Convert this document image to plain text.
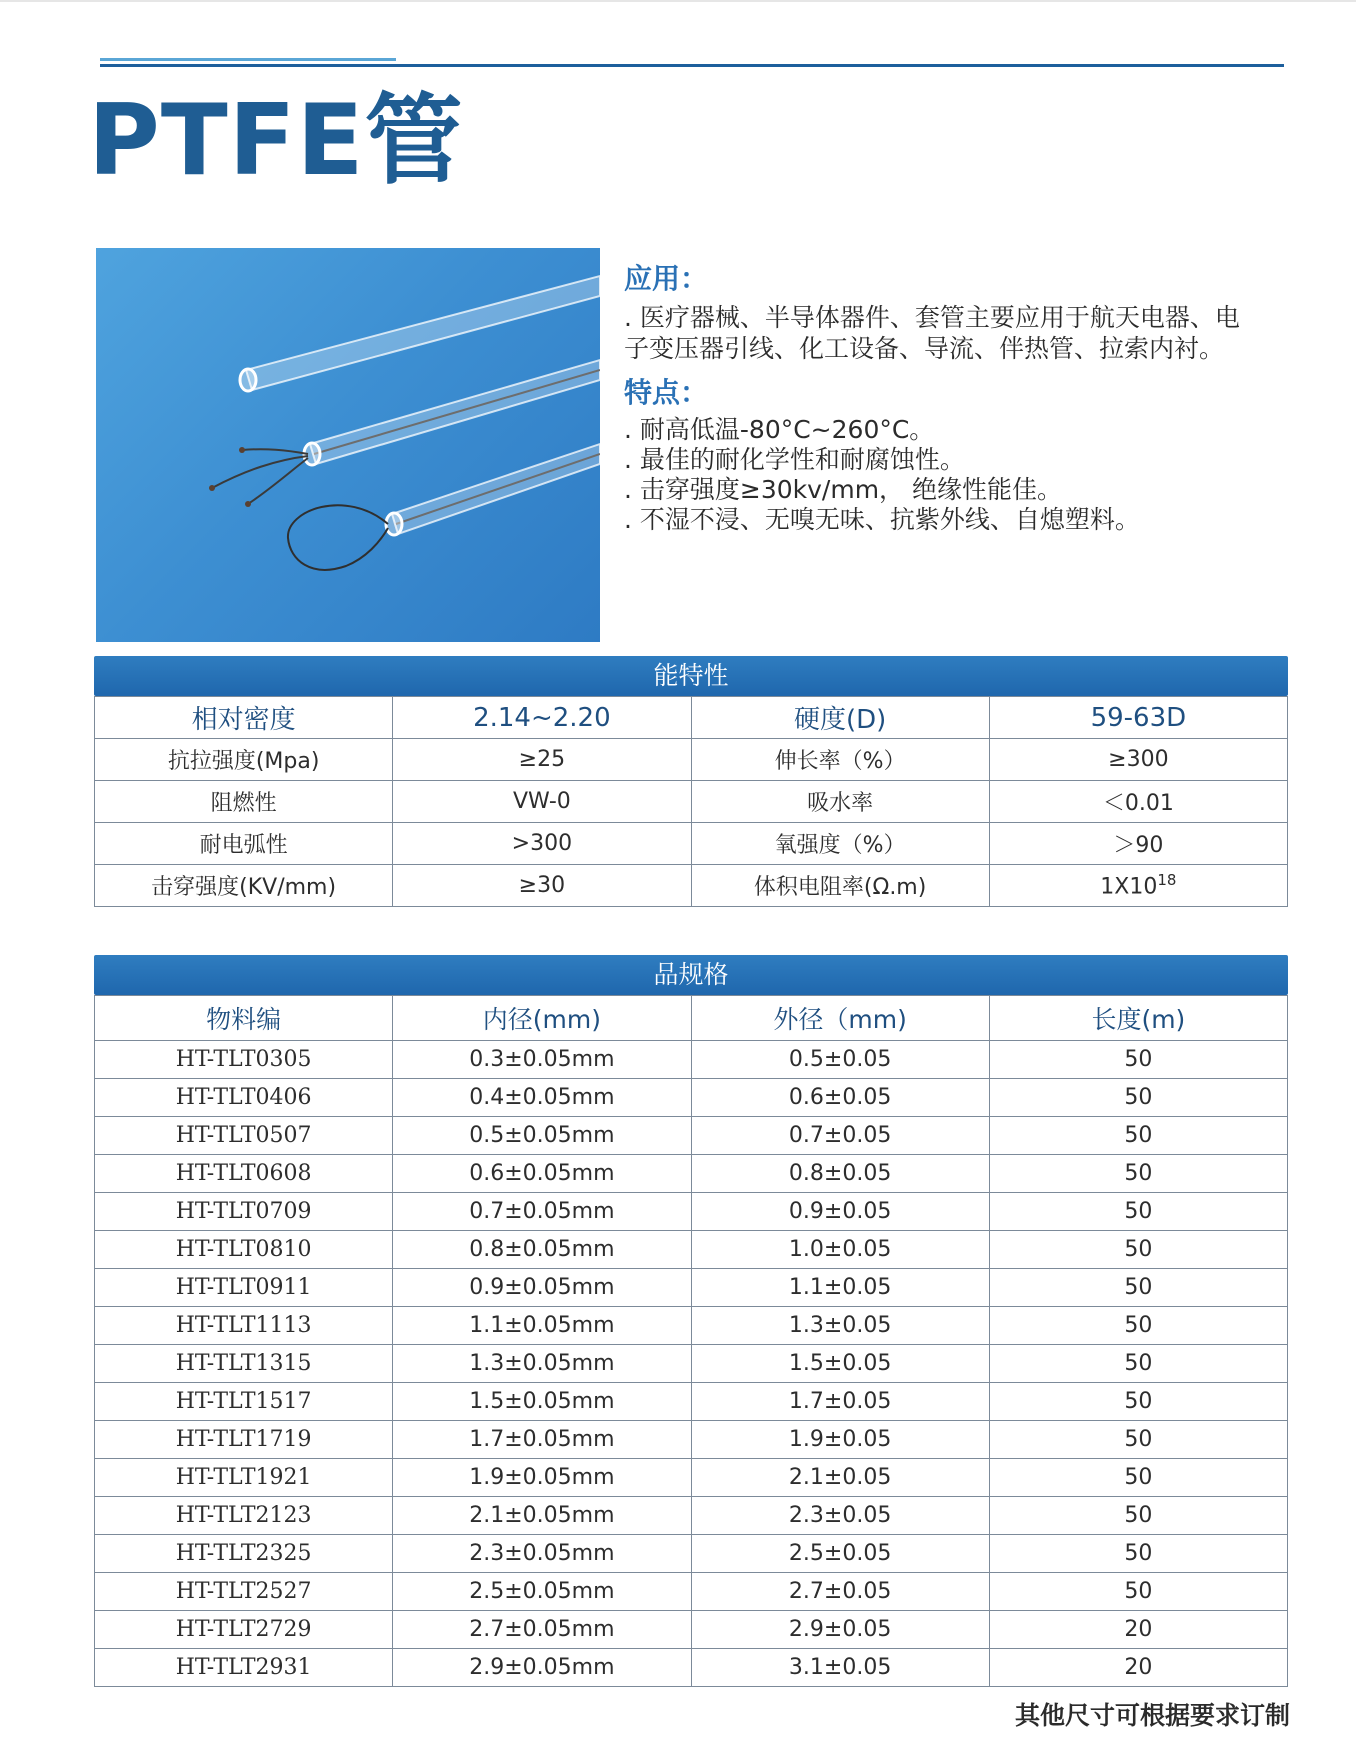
PTFE管
应用：

. 医疗器械、半导体器件、套管主要应用于航天电器、电

子变压器引线、化工设备、导流、伴热管、拉索内衬。

特点：

. 耐高低温-80°C~260°C。

. 最佳的耐化学性和耐腐蚀性。

. 击穿强度≥30kv/mm， 绝缘性能佳。

. 不湿不浸、无嗅无味、抗紫外线、自熄塑料。

能特性
相对密度	2.14~2.20	硬度(D)	59-63D
抗拉强度(Mpa)	≥25	伸长率（%）	≥300
阻燃性	VW-0	吸水率	＜0.01
耐电弧性	>300	氧强度（%）	＞90
击穿强度(KV/mm)	≥30	体积电阻率(Ω.m)	$1X10^{18}$
品规格
物料编	内径(mm)	外径（mm)	长度(m)
HT-TLT0305	0.3±0.05mm	0.5±0.05	50
HT-TLT0406	0.4±0.05mm	0.6±0.05	50
HT-TLT0507	0.5±0.05mm	0.7±0.05	50
HT-TLT0608	0.6±0.05mm	0.8±0.05	50
HT-TLT0709	0.7±0.05mm	0.9±0.05	50
HT-TLT0810	0.8±0.05mm	1.0±0.05	50
HT-TLT0911	0.9±0.05mm	1.1±0.05	50
HT-TLT1113	1.1±0.05mm	1.3±0.05	50
HT-TLT1315	1.3±0.05mm	1.5±0.05	50
HT-TLT1517	1.5±0.05mm	1.7±0.05	50
HT-TLT1719	1.7±0.05mm	1.9±0.05	50
HT-TLT1921	1.9±0.05mm	2.1±0.05	50
HT-TLT2123	2.1±0.05mm	2.3±0.05	50
HT-TLT2325	2.3±0.05mm	2.5±0.05	50
HT-TLT2527	2.5±0.05mm	2.7±0.05	50
HT-TLT2729	2.7±0.05mm	2.9±0.05	20
HT-TLT2931	2.9±0.05mm	3.1±0.05	20
其他尺寸可根据要求订制
